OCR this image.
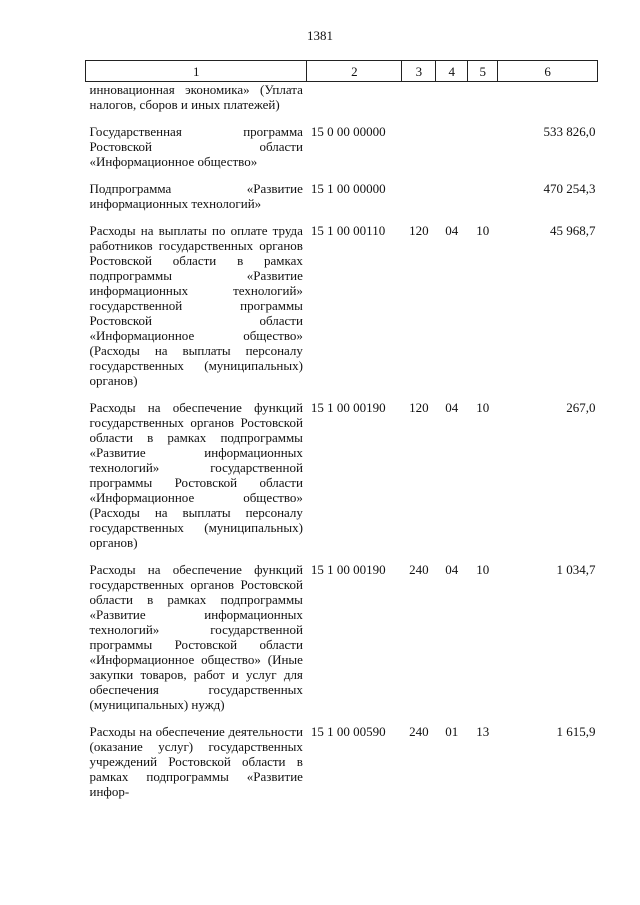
1381
1	2	3	4	5	6
инновационная экономика» (Уплата налогов, сборов и иных платежей)					

Государственная программа Ростовской области «Информационное общество»	15 0 00 00000				533 826,0

Подпрограмма «Развитие информационных технологий»	15 1 00 00000				470 254,3

Расходы на выплаты по оплате труда работников государственных органов Ростовской области в рамках подпрограммы «Развитие информационных технологий» государственной программы Ростовской области «Информационное общество» (Расходы на выплаты персоналу государственных (муниципальных) органов)	15 1 00 00110	120	04	10	45 968,7

Расходы на обеспечение функций государственных органов Ростовской области в рамках подпрограммы «Развитие информационных технологий» государственной программы Ростовской области «Информационное общество» (Расходы на выплаты персоналу государственных (муниципальных) органов)	15 1 00 00190	120	04	10	267,0

Расходы на обеспечение функций государственных органов Ростовской области в рамках подпрограммы «Развитие информационных технологий» государственной программы Ростовской области «Информационное общество» (Иные закупки товаров, работ и услуг для обеспечения государственных (муниципальных) нужд)	15 1 00 00190	240	04	10	1 034,7

Расходы на обеспечение деятельности (оказание услуг) государственных учреждений Ростовской области в рамках подпрограммы «Развитие инфор-	15 1 00 00590	240	01	13	1 615,9
